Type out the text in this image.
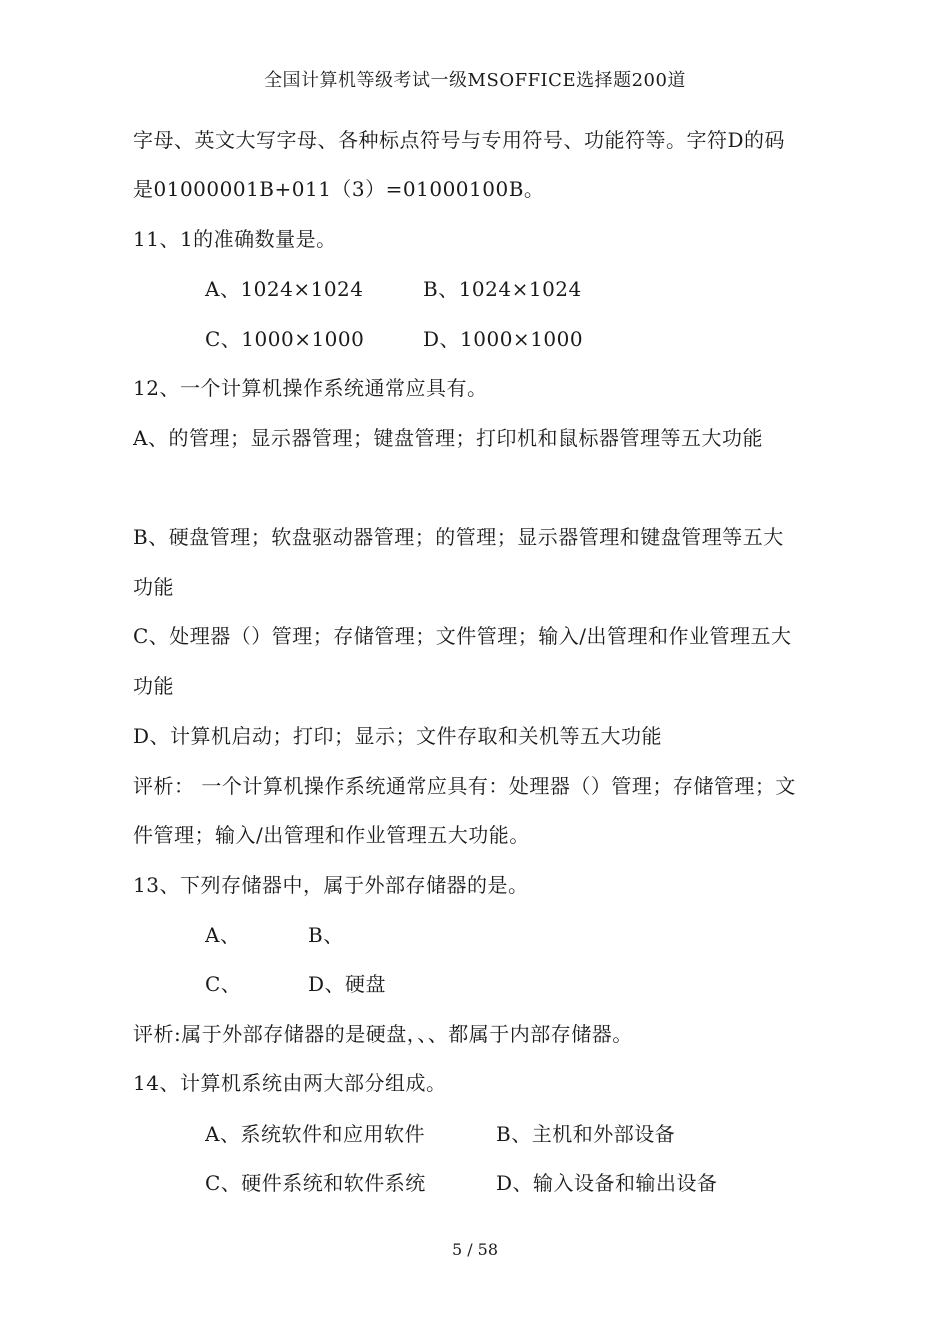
全国计算机等级考试一级MSOFFICE选择题200道
字母、英文大写字母、各种标点符号与专用符号、功能符等。字符D的码
是01000001B+011（3）=01000100B。
11、1的准确数量是。
A、1024×1024	B、1024×1024
C、1000×1000	D、1000×1000
12、一个计算机操作系统通常应具有。
A、的管理；显示器管理；键盘管理；打印机和鼠标器管理等五大功能
B、硬盘管理；软盘驱动器管理；的管理；显示器管理和键盘管理等五大
功能
C、处理器（）管理；存储管理；文件管理；输入/出管理和作业管理五大
功能
D、计算机启动；打印；显示；文件存取和关机等五大功能
评析： 一个计算机操作系统通常应具有：处理器（）管理；存储管理；文
件管理；输入/出管理和作业管理五大功能。
13、下列存储器中，属于外部存储器的是。
A、	B、
C、	D、硬盘
评析:属于外部存储器的是硬盘，、、都属于内部存储器。
14、计算机系统由两大部分组成。
A、系统软件和应用软件	B、主机和外部设备
C、硬件系统和软件系统	D、输入设备和输出设备
5 / 58
